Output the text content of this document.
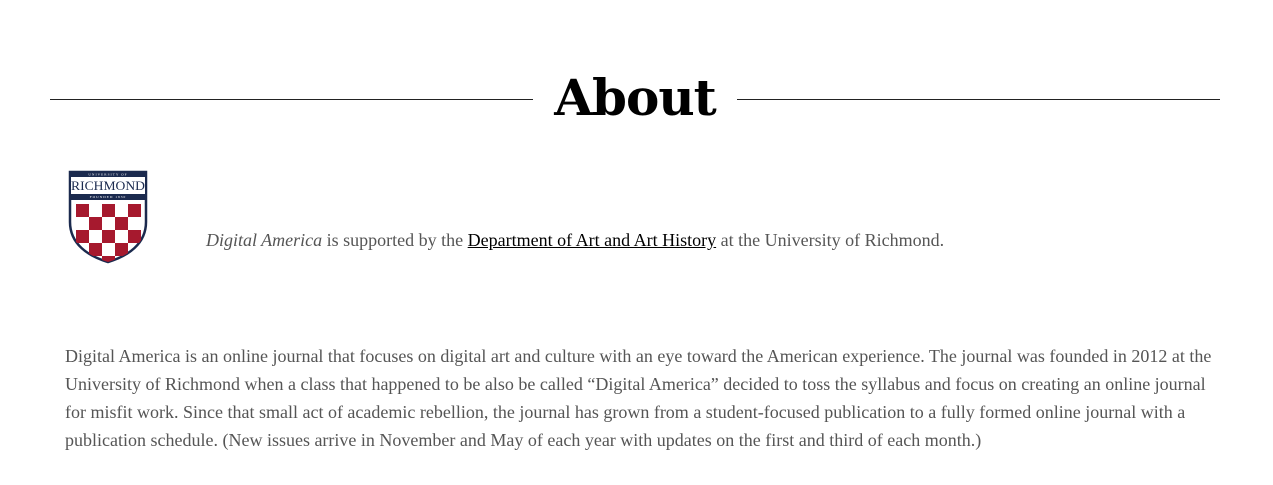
About
UNIVERSITY OF
RICHMOND
FOUNDED 1830
Digital America is supported by the Department of Art and Art History at the University of Richmond.

Digital America is an online journal that focuses on digital art and culture with an eye toward the American experience. The journal was founded in 2012 at the University of Richmond when a class that happened to be also be called “Digital America” decided to toss the syllabus and focus on creating an online journal for misfit work. Since that small act of academic rebellion, the journal has grown from a student-focused publication to a fully formed online journal with a publication schedule. (New issues arrive in November and May of each year with updates on the first and third of each month.)
